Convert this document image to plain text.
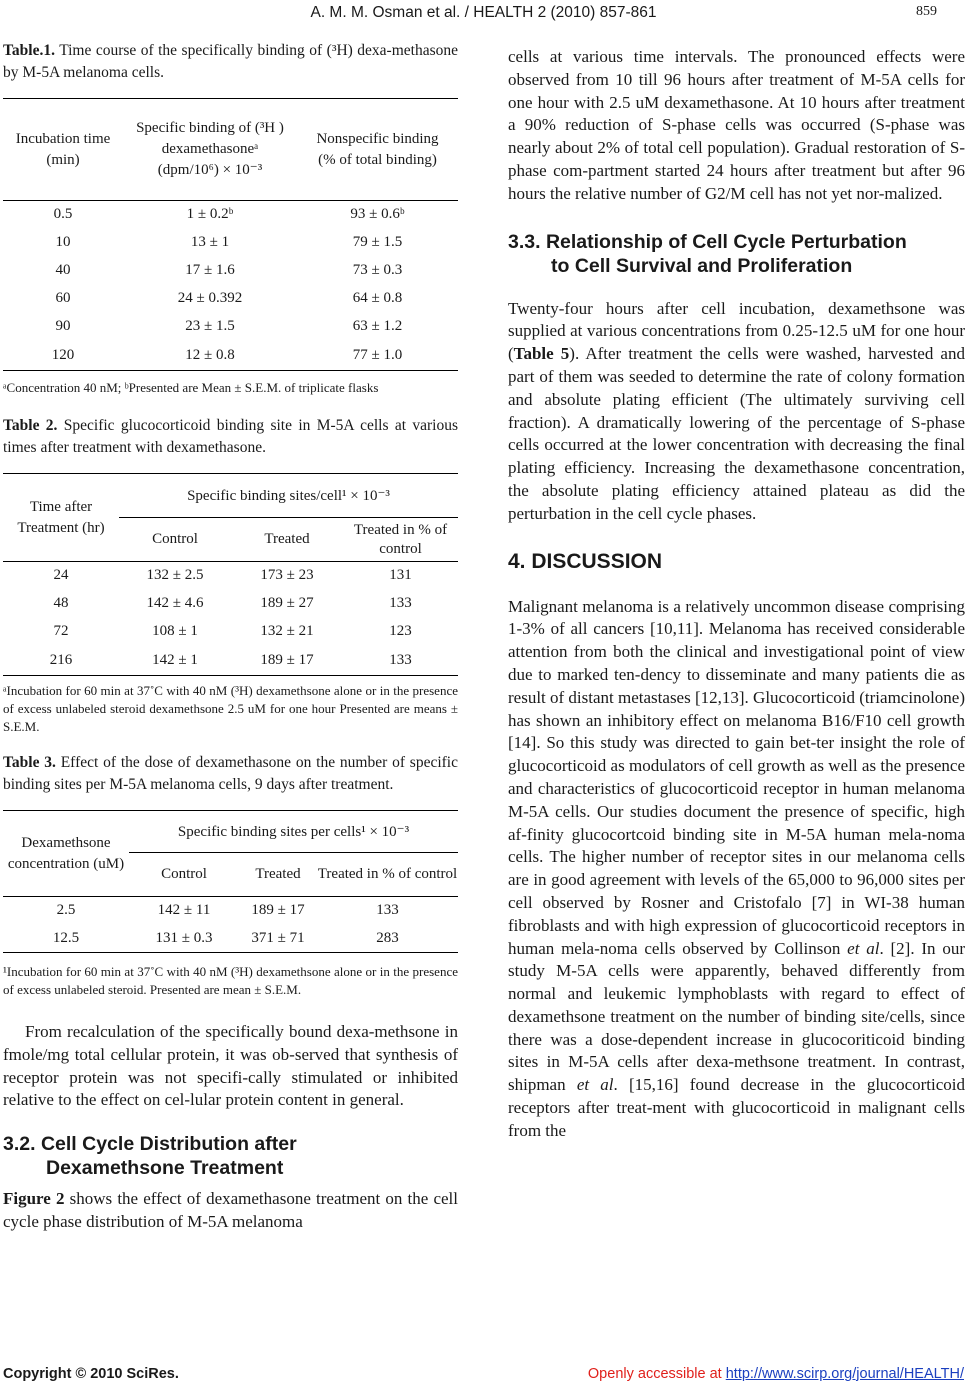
A. M. M. Osman et al. / HEALTH 2 (2010) 857-861	859

Table.1. Time course of the specifically binding of (³H) dexa-methasone by M-5A melanoma cells.

Incubation time (min)	Specific binding of (³H ) dexamethasoneᵃ (dpm/10⁶) × 10⁻³	Nonspecific binding (% of total binding)
0.5	1 ± 0.2ᵇ	93 ± 0.6ᵇ
10	13 ± 1	79 ± 1.5
40	17 ± 1.6	73 ± 0.3
60	24 ± 0.392	64 ± 0.8
90	23 ± 1.5	63 ± 1.2
120	12 ± 0.8	77 ± 1.0

ᵃConcentration 40 nM; ᵇPresented are Mean ± S.E.M. of triplicate flasks

Table 2. Specific glucocorticoid binding site in M-5A cells at various times after treatment with dexamethasone.

Time after Treatment (hr)	Specific binding sites/cell¹ × 10⁻³		
	Control	Treated	Treated in % of control
24	132 ± 2.5	173 ± 23	131
48	142 ± 4.6	189 ± 27	133
72	108 ± 1	132 ± 21	123
216	142 ± 1	189 ± 17	133

ᵃIncubation for 60 min at 37˚C with 40 nM (³H) dexamethsone alone or in the presence of excess unlabeled steroid dexamethsone 2.5 uM for one hour Presented are means ± S.E.M.

Table 3. Effect of the dose of dexamethasone on the number of specific binding sites per M-5A melanoma cells, 9 days after treatment.

Dexamethsone concentration (uM)	Specific binding sites per cells¹ × 10⁻³		
	Control	Treated	Treated in % of control
2.5	142 ± 11	189 ± 17	133
12.5	131 ± 0.3	371 ± 71	283

¹Incubation for 60 min at 37˚C with 40 nM (³H) dexamethsone alone or in the presence of excess unlabeled steroid. Presented are mean ± S.E.M.

From recalculation of the specifically bound dexa-methsone in fmole/mg total cellular protein, it was ob-served that synthesis of receptor protein was not specifi-cally stimulated or inhibited relative to the effect on cel-lular protein content in general.

3.2. Cell Cycle Distribution after

Dexamethsone Treatment

Figure 2 shows the effect of dexamethasone treatment on the cell cycle phase distribution of M-5A melanoma

cells at various time intervals. The pronounced effects were observed from 10 till 96 hours after treatment of M-5A cells for one hour with 2.5 uM dexamethasone. At 10 hours after treatment a 90% reduction of S-phase cells was occurred (S-phase was nearly about 2% of total cell population). Gradual restoration of S-phase com-partment started 24 hours after treatment but after 96 hours the relative number of G2/M cell has not yet nor-malized.

3.3. Relationship of Cell Cycle Perturbation

to Cell Survival and Proliferation

Twenty-four hours after cell incubation, dexamethsone was supplied at various concentrations from 0.25-12.5 uM for one hour (Table 5). After treatment the cells were washed, harvested and part of them was seeded to determine the rate of colony formation and absolute plating efficient (The ultimately surviving cell fraction). A dramatically lowering of the percentage of S-phase cells occurred at the lower concentration with decreasing the final plating efficiency. Increasing the dexamethasone concentration, the absolute plating efficiency attained plateau as did the perturbation in the cell cycle phases.

4. DISCUSSION

Malignant melanoma is a relatively uncommon disease comprising 1-3% of all cancers [10,11]. Melanoma has received considerable attention from both the clinical and investigational point of view due to marked ten-dency to disseminate and many patients die as result of distant metastases [12,13]. Glucocorticoid (triamcinolone) has shown an inhibitory effect on melanoma B16/F10 cell growth [14]. So this study was directed to gain bet-ter insight the role of glucocorticoid as modulators of cell growth as well as the presence and characteristics of glucocorticoid receptor in human melanoma M-5A cells. Our studies document the presence of specific, high af-finity glucocortcoid binding site in M-5A human mela-noma cells. The higher number of receptor sites in our melanoma cells are in good agreement with levels of the 65,000 to 96,000 sites per cell observed by Rosner and Cristofalo [7] in WI-38 human fibroblasts and with high expression of glucocorticoid receptors in human mela-noma cells observed by Collinson et al. [2]. In our study M-5A cells were apparently, behaved differently from normal and leukemic lymphoblasts with regard to effect of dexamethsone treatment on the number of binding site/cells, since there was a dose-dependent increase in glucocoriticoid binding sites in M-5A cells after dexa-methsone treatment. In contrast, shipman et al. [15,16] found decrease in the glucocorticoid receptors after treat-ment with glucocorticoid in malignant cells from the

Copyright © 2010 SciRes.	Openly accessible at http://www.scirp.org/journal/HEALTH/
